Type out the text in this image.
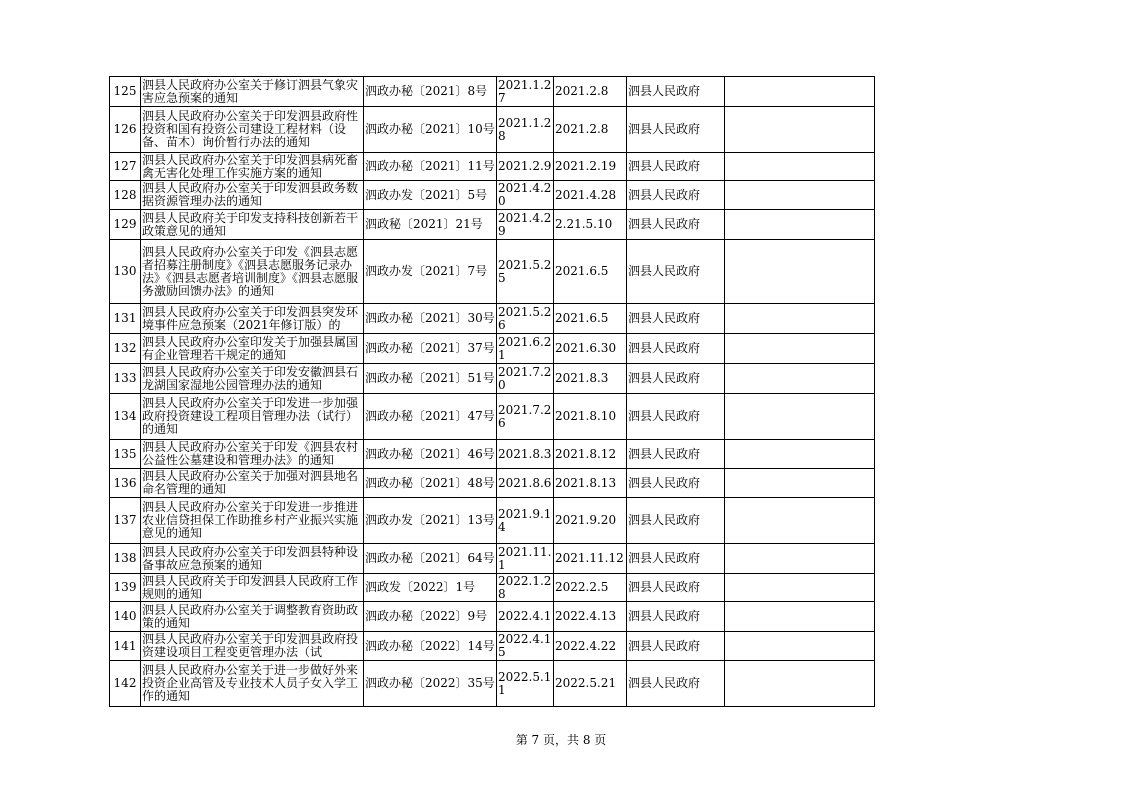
125	泗县人民政府办公室关于修订泗县气象灾害应急预案的通知	泗政办秘〔2021〕8号	2021.1.27	2021.2.8	泗县人民政府	
126	泗县人民政府办公室关于印发泗县政府性投资和国有投资公司建设工程材料（设备、苗木）询价暂行办法的通知	泗政办秘〔2021〕10号	2021.1.28	2021.2.8	泗县人民政府	
127	泗县人民政府办公室关于印发泗县病死畜禽无害化处理工作实施方案的通知	泗政办秘〔2021〕11号	2021.2.9	2021.2.19	泗县人民政府	
128	泗县人民政府办公室关于印发泗县政务数据资源管理办法的通知	泗政办发〔2021〕5号	2021.4.20	2021.4.28	泗县人民政府	
129	泗县人民政府关于印发支持科技创新若干政策意见的通知	泗政秘〔2021〕21号	2021.4.29	2.21.5.10	泗县人民政府	
130	泗县人民政府办公室关于印发《泗县志愿者招募注册制度》《泗县志愿服务记录办法》《泗县志愿者培训制度》《泗县志愿服务激励回馈办法》的通知	泗政办发〔2021〕7号	2021.5.25	2021.6.5	泗县人民政府	
131	泗县人民政府办公室关于印发泗县突发环境事件应急预案（2021年修订版）的	泗政办秘〔2021〕30号	2021.5.26	2021.6.5	泗县人民政府	
132	泗县人民政府办公室印发关于加强县属国有企业管理若干规定的通知	泗政办秘〔2021〕37号	2021.6.21	2021.6.30	泗县人民政府	
133	泗县人民政府办公室关于印发安徽泗县石龙湖国家湿地公园管理办法的通知	泗政办秘〔2021〕51号	2021.7.20	2021.8.3	泗县人民政府	
134	泗县人民政府办公室关于印发进一步加强政府投资建设工程项目管理办法（试行）的通知	泗政办秘〔2021〕47号	2021.7.26	2021.8.10	泗县人民政府	
135	泗县人民政府办公室关于印发《泗县农村公益性公墓建设和管理办法》的通知	泗政办秘〔2021〕46号	2021.8.3	2021.8.12	泗县人民政府	
136	泗县人民政府办公室关于加强对泗县地名命名管理的通知	泗政办秘〔2021〕48号	2021.8.6	2021.8.13	泗县人民政府	
137	泗县人民政府办公室关于印发进一步推进农业信贷担保工作助推乡村产业振兴实施意见的通知	泗政办发〔2021〕13号	2021.9.14	2021.9.20	泗县人民政府	
138	泗县人民政府办公室关于印发泗县特种设备事故应急预案的通知	泗政办秘〔2021〕64号	2021.11.1	2021.11.12	泗县人民政府	
139	泗县人民政府关于印发泗县人民政府工作规则的通知	泗政发〔2022〕1号	2022.1.28	2022.2.5	泗县人民政府	
140	泗县人民政府办公室关于调整教育资助政策的通知	泗政办秘〔2022〕9号	2022.4.1	2022.4.13	泗县人民政府	
141	泗县人民政府办公室关于印发泗县政府投资建设项目工程变更管理办法（试	泗政办秘〔2022〕14号	2022.4.15	2022.4.22	泗县人民政府	
142	泗县人民政府办公室关于进一步做好外来投资企业高管及专业技术人员子女入学工作的通知	泗政办秘〔2022〕35号	2022.5.11	2022.5.21	泗县人民政府	
第 7 页，共 8 页
